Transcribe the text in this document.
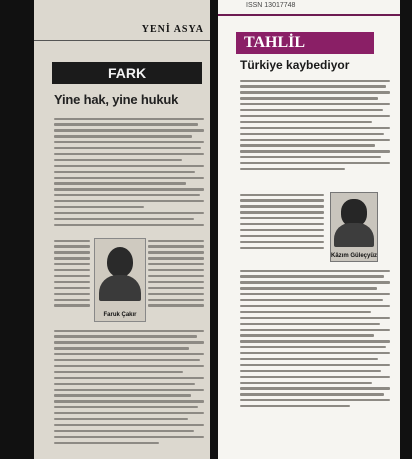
YENİ ASYA
FARK
Yine hak, yine hukuk
Faruk Çakır
ISSN 13017748
TAHLİL
Türkiye kaybediyor
Kâzım Güleçyüz
